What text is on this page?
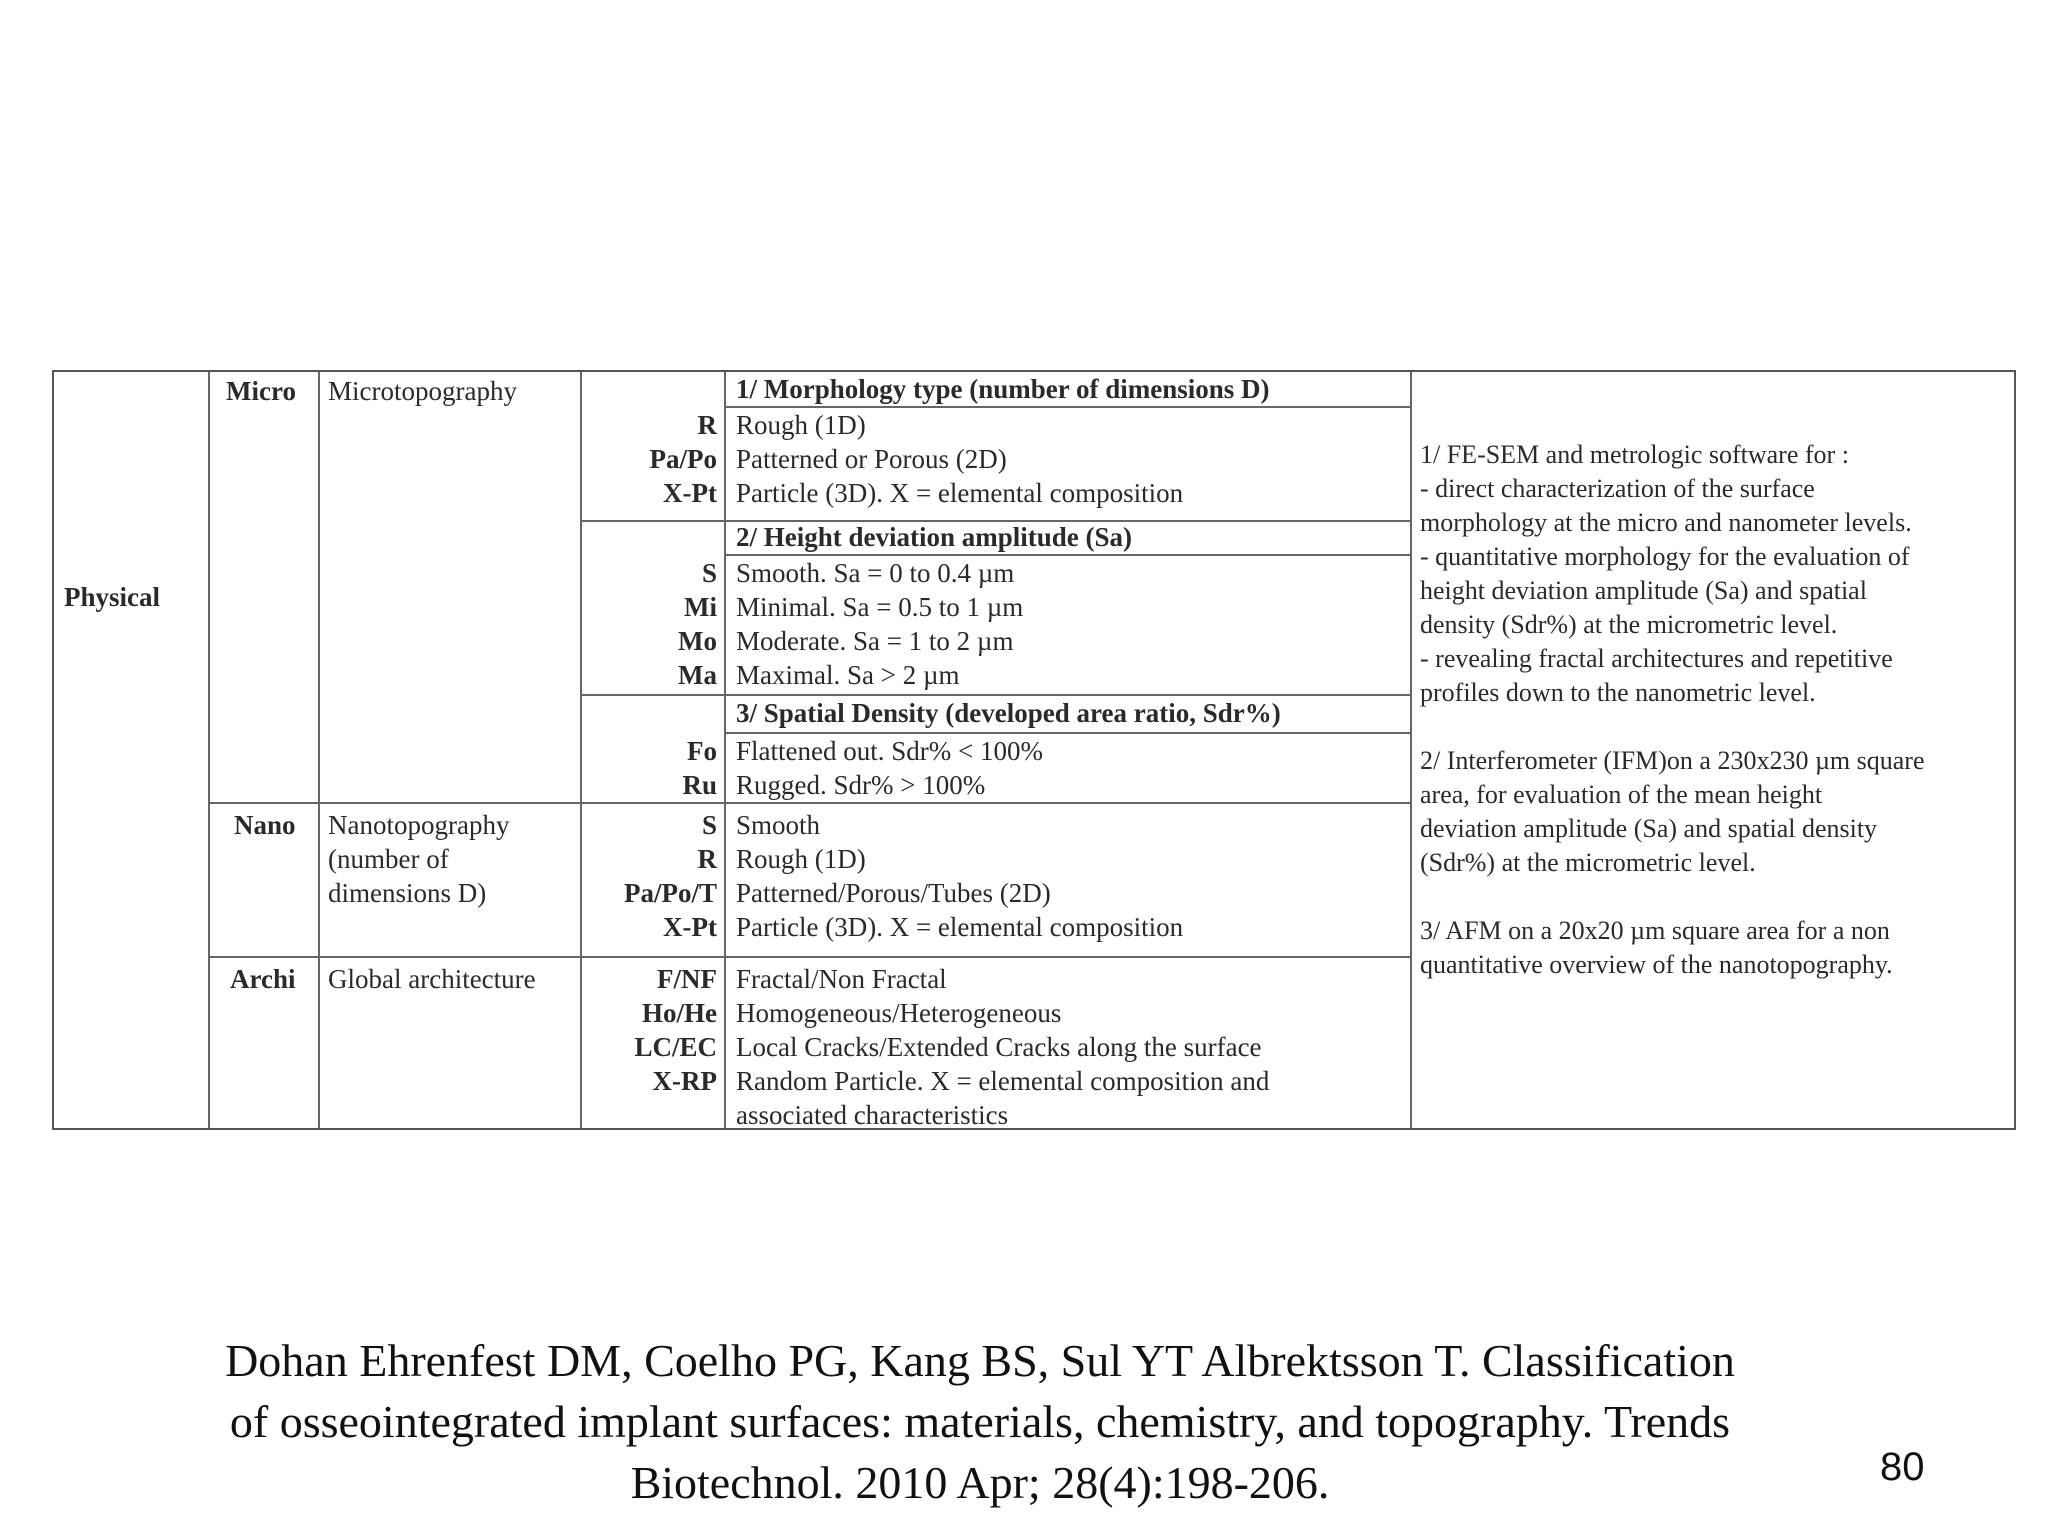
Physical
Micro
Nano
Archi
Microtopography
Nanotopography
(number of
dimensions D)
Global architecture
1/ Morphology type (number of dimensions D)
2/ Height deviation amplitude (Sa)
3/ Spatial Density (developed area ratio, Sdr%)
R Rough (1D)
Pa/Po Patterned or Porous (2D)
X-Pt Particle (3D). X = elemental composition
S Smooth. Sa = 0 to 0.4 µm
Mi Minimal. Sa = 0.5 to 1 µm
Mo Moderate. Sa = 1 to 2 µm
Ma Maximal. Sa > 2 µm
Fo Flattened out. Sdr% < 100%
Ru Rugged. Sdr% > 100%
S Smooth
R Rough (1D)
Pa/Po/T Patterned/Porous/Tubes (2D)
X-Pt Particle (3D). X = elemental composition
F/NF Fractal/Non Fractal
Ho/He Homogeneous/Heterogeneous
LC/EC Local Cracks/Extended Cracks along the surface
X-RP Random Particle. X = elemental composition and
associated characteristics
1/ FE-SEM and metrologic software for :
- direct characterization of the surface
morphology at the micro and nanometer levels.
- quantitative morphology for the evaluation of
height deviation amplitude (Sa) and spatial
density (Sdr%) at the micrometric level.
- revealing fractal architectures and repetitive
profiles down to the nanometric level.
2/ Interferometer (IFM)on a 230x230 µm square
area, for evaluation of the mean height
deviation amplitude (Sa) and spatial density
(Sdr%) at the micrometric level.
3/ AFM on a 20x20 µm square area for a non
quantitative overview of the nanotopography.
Dohan Ehrenfest DM, Coelho PG, Kang BS, Sul YT Albrektsson T. Classification
of osseointegrated implant surfaces: materials, chemistry, and topography. Trends
Biotechnol. 2010 Apr; 28(4):198-206.	80
